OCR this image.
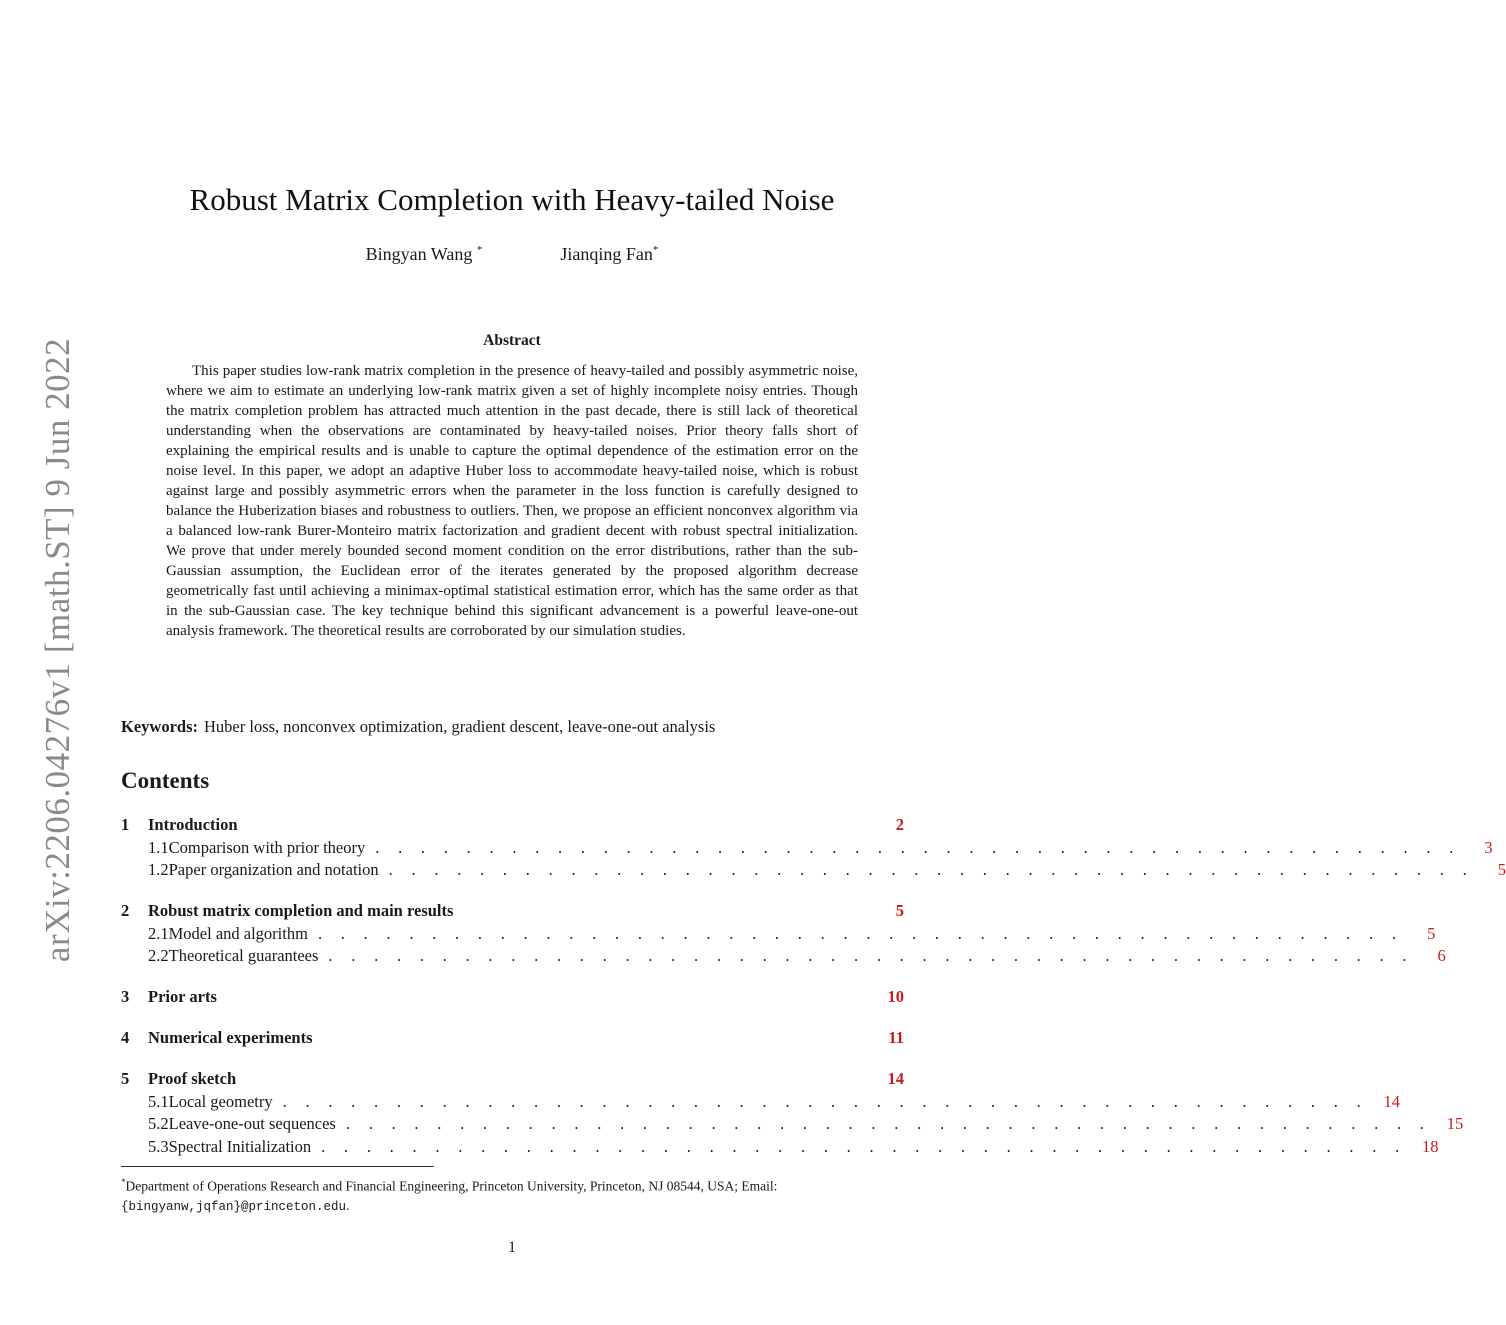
arXiv:2206.04276v1 [math.ST] 9 Jun 2022
Robust Matrix Completion with Heavy-tailed Noise
Bingyan Wang *	Jianqing Fan*
Abstract

This paper studies low-rank matrix completion in the presence of heavy-tailed and possibly asymmetric noise, where we aim to estimate an underlying low-rank matrix given a set of highly incomplete noisy entries. Though the matrix completion problem has attracted much attention in the past decade, there is still lack of theoretical understanding when the observations are contaminated by heavy-tailed noises. Prior theory falls short of explaining the empirical results and is unable to capture the optimal dependence of the estimation error on the noise level. In this paper, we adopt an adaptive Huber loss to accommodate heavy-tailed noise, which is robust against large and possibly asymmetric errors when the parameter in the loss function is carefully designed to balance the Huberization biases and robustness to outliers. Then, we propose an efficient nonconvex algorithm via a balanced low-rank Burer-Monteiro matrix factorization and gradient decent with robust spectral initialization. We prove that under merely bounded second moment condition on the error distributions, rather than the sub-Gaussian assumption, the Euclidean error of the iterates generated by the proposed algorithm decrease geometrically fast until achieving a minimax-optimal statistical estimation error, which has the same order as that in the sub-Gaussian case. The key technique behind this significant advancement is a powerful leave-one-out analysis framework. The theoretical results are corroborated by our simulation studies.

Keywords: Huber loss, nonconvex optimization, gradient descent, leave-one-out analysis
Contents
1	Introduction	2
1.1 Comparison with prior theory . . . . . . . . . . . . . . . . . . . . . . . . . . . . . . . . . . . . . . . . . . . . . . . .	3
1.2 Paper organization and notation . . . . . . . . . . . . . . . . . . . . . . . . . . . . . . . . . . . . . . . . . . . . . . . .	5
2	Robust matrix completion and main results	5
2.1 Model and algorithm . . . . . . . . . . . . . . . . . . . . . . . . . . . . . . . . . . . . . . . . . . . . . . . .	5
2.2 Theoretical guarantees . . . . . . . . . . . . . . . . . . . . . . . . . . . . . . . . . . . . . . . . . . . . . . . .	6
3	Prior arts	10
4	Numerical experiments	11
5	Proof sketch	14
5.1 Local geometry . . . . . . . . . . . . . . . . . . . . . . . . . . . . . . . . . . . . . . . . . . . . . . . . 14
5.2 Leave-one-out sequences . . . . . . . . . . . . . . . . . . . . . . . . . . . . . . . . . . . . . . . . . . . . . . . . 15
5.3 Spectral Initialization . . . . . . . . . . . . . . . . . . . . . . . . . . . . . . . . . . . . . . . . . . . . . . . . 18

*Department of Operations Research and Financial Engineering, Princeton University, Princeton, NJ 08544, USA; Email: {bingyanw,jqfan}@princeton.edu.

1
